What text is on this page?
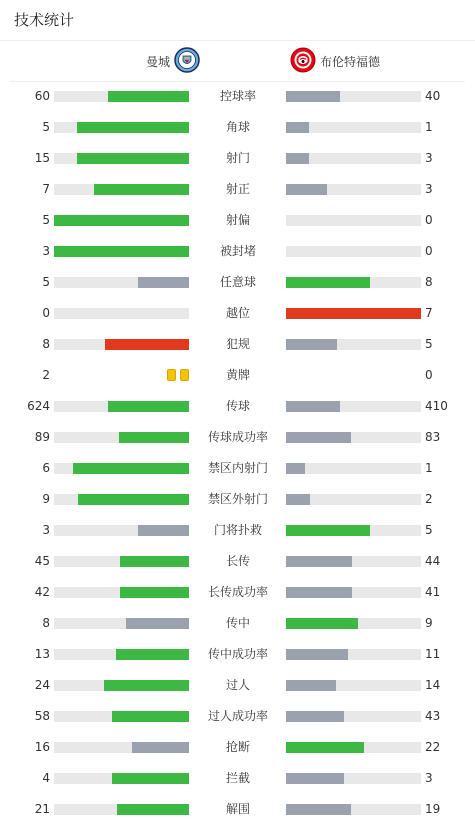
技术统计
曼城	布伦特福德
60	控球率	40
5	角球	1
15	射门	3
7	射正	3
5	射偏	0
3	被封堵	0
5	任意球	8
0	越位	7
8	犯规	5
2	黄牌	0
624	传球	410
89	传球成功率	83
6	禁区内射门	1
9	禁区外射门	2
3	门将扑救	5
45	长传	44
42	长传成功率	41
8	传中	9
13	传中成功率	11
24	过人	14
58	过人成功率	43
16	抢断	22
4	拦截	3
21	解围	19
